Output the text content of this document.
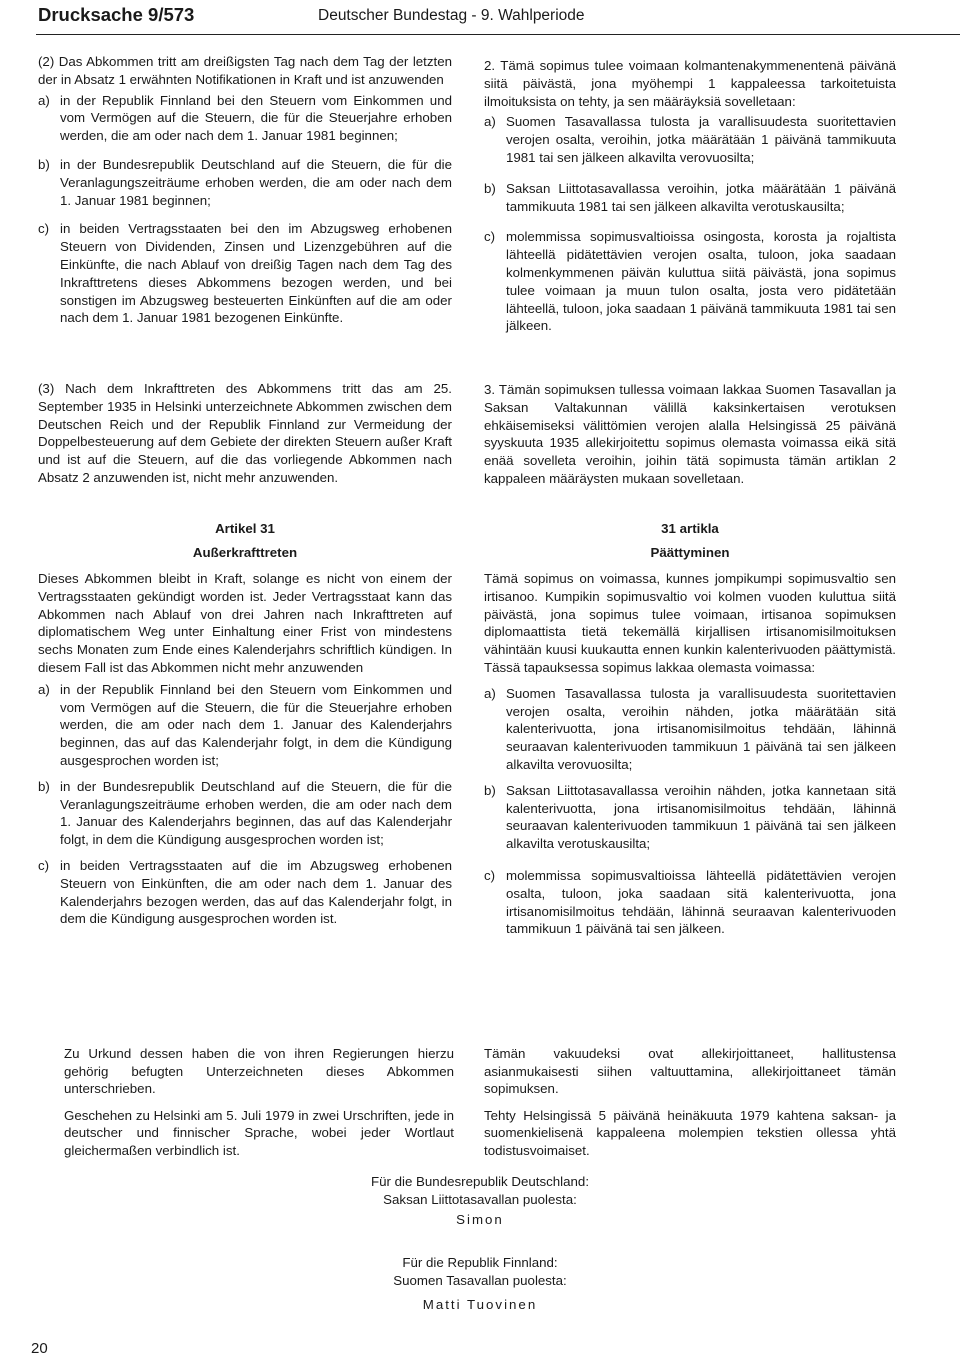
Drucksache 9/573	Deutscher Bundestag - 9. Wahlperiode

(2) Das Abkommen tritt am dreißigsten Tag nach dem Tag der letzten der in Absatz 1 erwähnten Notifikationen in Kraft und ist anzuwenden

a) in der Republik Finnland bei den Steuern vom Einkommen und vom Vermögen auf die Steuern, die für die Steuerjahre erhoben werden, die am oder nach dem 1. Januar 1981 beginnen;
b) in der Bundesrepublik Deutschland auf die Steuern, die für die Veranlagungszeiträume erhoben werden, die am oder nach dem 1. Januar 1981 beginnen;
c) in beiden Vertragsstaaten bei den im Abzugsweg erhobenen Steuern von Dividenden, Zinsen und Lizenzgebühren auf die Einkünfte, die nach Ablauf von dreißig Tagen nach dem Tag des Inkrafttretens dieses Abkommens bezogen werden, und bei sonstigen im Abzugsweg besteuerten Einkünften auf die am oder nach dem 1. Januar 1981 bezogenen Einkünfte.

(3) Nach dem Inkrafttreten des Abkommens tritt das am 25. September 1935 in Helsinki unterzeichnete Abkommen zwischen dem Deutschen Reich und der Republik Finnland zur Vermeidung der Doppelbesteuerung auf dem Gebiete der direkten Steuern außer Kraft und ist auf die Steuern, auf die das vorliegende Abkommen nach Absatz 2 anzuwenden ist, nicht mehr anzuwenden.

Artikel 31
Außerkrafttreten

Dieses Abkommen bleibt in Kraft, solange es nicht von einem der Vertragsstaaten gekündigt worden ist. Jeder Vertragsstaat kann das Abkommen nach Ablauf von drei Jahren nach Inkrafttreten auf diplomatischem Weg unter Einhaltung einer Frist von mindestens sechs Monaten zum Ende eines Kalenderjahrs schriftlich kündigen. In diesem Fall ist das Abkommen nicht mehr anzuwenden

a) in der Republik Finnland bei den Steuern vom Einkommen und vom Vermögen auf die Steuern, die für die Steuerjahre erhoben werden, die am oder nach dem 1. Januar des Kalenderjahrs beginnen, das auf das Kalenderjahr folgt, in dem die Kündigung ausgesprochen worden ist;
b) in der Bundesrepublik Deutschland auf die Steuern, die für die Veranlagungszeiträume erhoben werden, die am oder nach dem 1. Januar des Kalenderjahrs beginnen, das auf das Kalenderjahr folgt, in dem die Kündigung ausgesprochen worden ist;
c) in beiden Vertragsstaaten auf die im Abzugsweg erhobenen Steuern von Einkünften, die am oder nach dem 1. Januar des Kalenderjahrs bezogen werden, das auf das Kalenderjahr folgt, in dem die Kündigung ausgesprochen worden ist.

2. Tämä sopimus tulee voimaan kolmantenakymmenentenä päivänä siitä päivästä, jona myöhempi 1 kappaleessa tarkoitetuista ilmoituksista on tehty, ja sen määräyksiä sovelletaan:

a) Suomen Tasavallassa tulosta ja varallisuudesta suoritettavien verojen osalta, veroihin, jotka määrätään 1 päivänä tammikuuta 1981 tai sen jälkeen alkavilta verovuosilta;
b) Saksan Liittotasavallassa veroihin, jotka määrätään 1 päivänä tammikuuta 1981 tai sen jälkeen alkavilta verotuskausilta;
c) molemmissa sopimusvaltioissa osingosta, korosta ja rojaltista lähteellä pidätettävien verojen osalta, tuloon, joka saadaan kolmenkymmenen päivän kuluttua siitä päivästä, jona sopimus tulee voimaan ja muun tulon osalta, josta vero pidätetään lähteellä, tuloon, joka saadaan 1 päivänä tammikuuta 1981 tai sen jälkeen.

3. Tämän sopimuksen tullessa voimaan lakkaa Suomen Tasavallan ja Saksan Valtakunnan välillä kaksinkertaisen verotuksen ehkäisemiseksi välittömien verojen alalla Helsingissä 25 päivänä syyskuuta 1935 allekirjoitettu sopimus olemasta voimassa eikä sitä enää sovelleta veroihin, joihin tätä sopimusta tämän artiklan 2 kappaleen määräysten mukaan sovelletaan.

31 artikla
Päättyminen

Tämä sopimus on voimassa, kunnes jompikumpi sopimusvaltio sen irtisanoo. Kumpikin sopimusvaltio voi kolmen vuoden kuluttua siitä päivästä, jona sopimus tulee voimaan, irtisanoa sopimuksen diplomaattista tietä tekemällä kirjallisen irtisanomisilmoituksen vähintään kuusi kuukautta ennen kunkin kalenterivuoden päättymistä. Tässä tapauksessa sopimus lakkaa olemasta voimassa:

a) Suomen Tasavallassa tulosta ja varallisuudesta suoritettavien verojen osalta, veroihin nähden, jotka määrätään sitä kalenterivuotta, jona irtisanomisilmoitus tehdään, lähinnä seuraavan kalenterivuoden tammikuun 1 päivänä tai sen jälkeen alkavilta verovuosilta;
b) Saksan Liittotasavallassa veroihin nähden, jotka kannetaan sitä kalenterivuotta, jona irtisanomisilmoitus tehdään, lähinnä seuraavan kalenterivuoden tammikuun 1 päivänä tai sen jälkeen alkavilta verotuskausilta;
c) molemmissa sopimusvaltioissa lähteellä pidätettävien verojen osalta, tuloon, joka saadaan sitä kalenterivuotta, jona irtisanomisilmoitus tehdään, lähinnä seuraavan kalenterivuoden tammikuun 1 päivänä tai sen jälkeen.

Zu Urkund dessen haben die von ihren Regierungen hierzu gehörig befugten Unterzeichneten dieses Abkommen unterschrieben.

Geschehen zu Helsinki am 5. Juli 1979 in zwei Urschriften, jede in deutscher und finnischer Sprache, wobei jeder Wortlaut gleichermaßen verbindlich ist.

Tämän vakuudeksi ovat allekirjoittaneet, hallitustensa asianmukaisesti siihen valtuuttamina, allekirjoittaneet tämän sopimuksen.

Tehty Helsingissä 5 päivänä heinäkuuta 1979 kahtena saksan- ja suomenkielisenä kappaleena molempien tekstien ollessa yhtä todistusvoimaiset.

Für die Bundesrepublik Deutschland:
Saksan Liittotasavallan puolesta:
Simon
Für die Republik Finnland:
Suomen Tasavallan puolesta:
Matti Tuovinen
20
